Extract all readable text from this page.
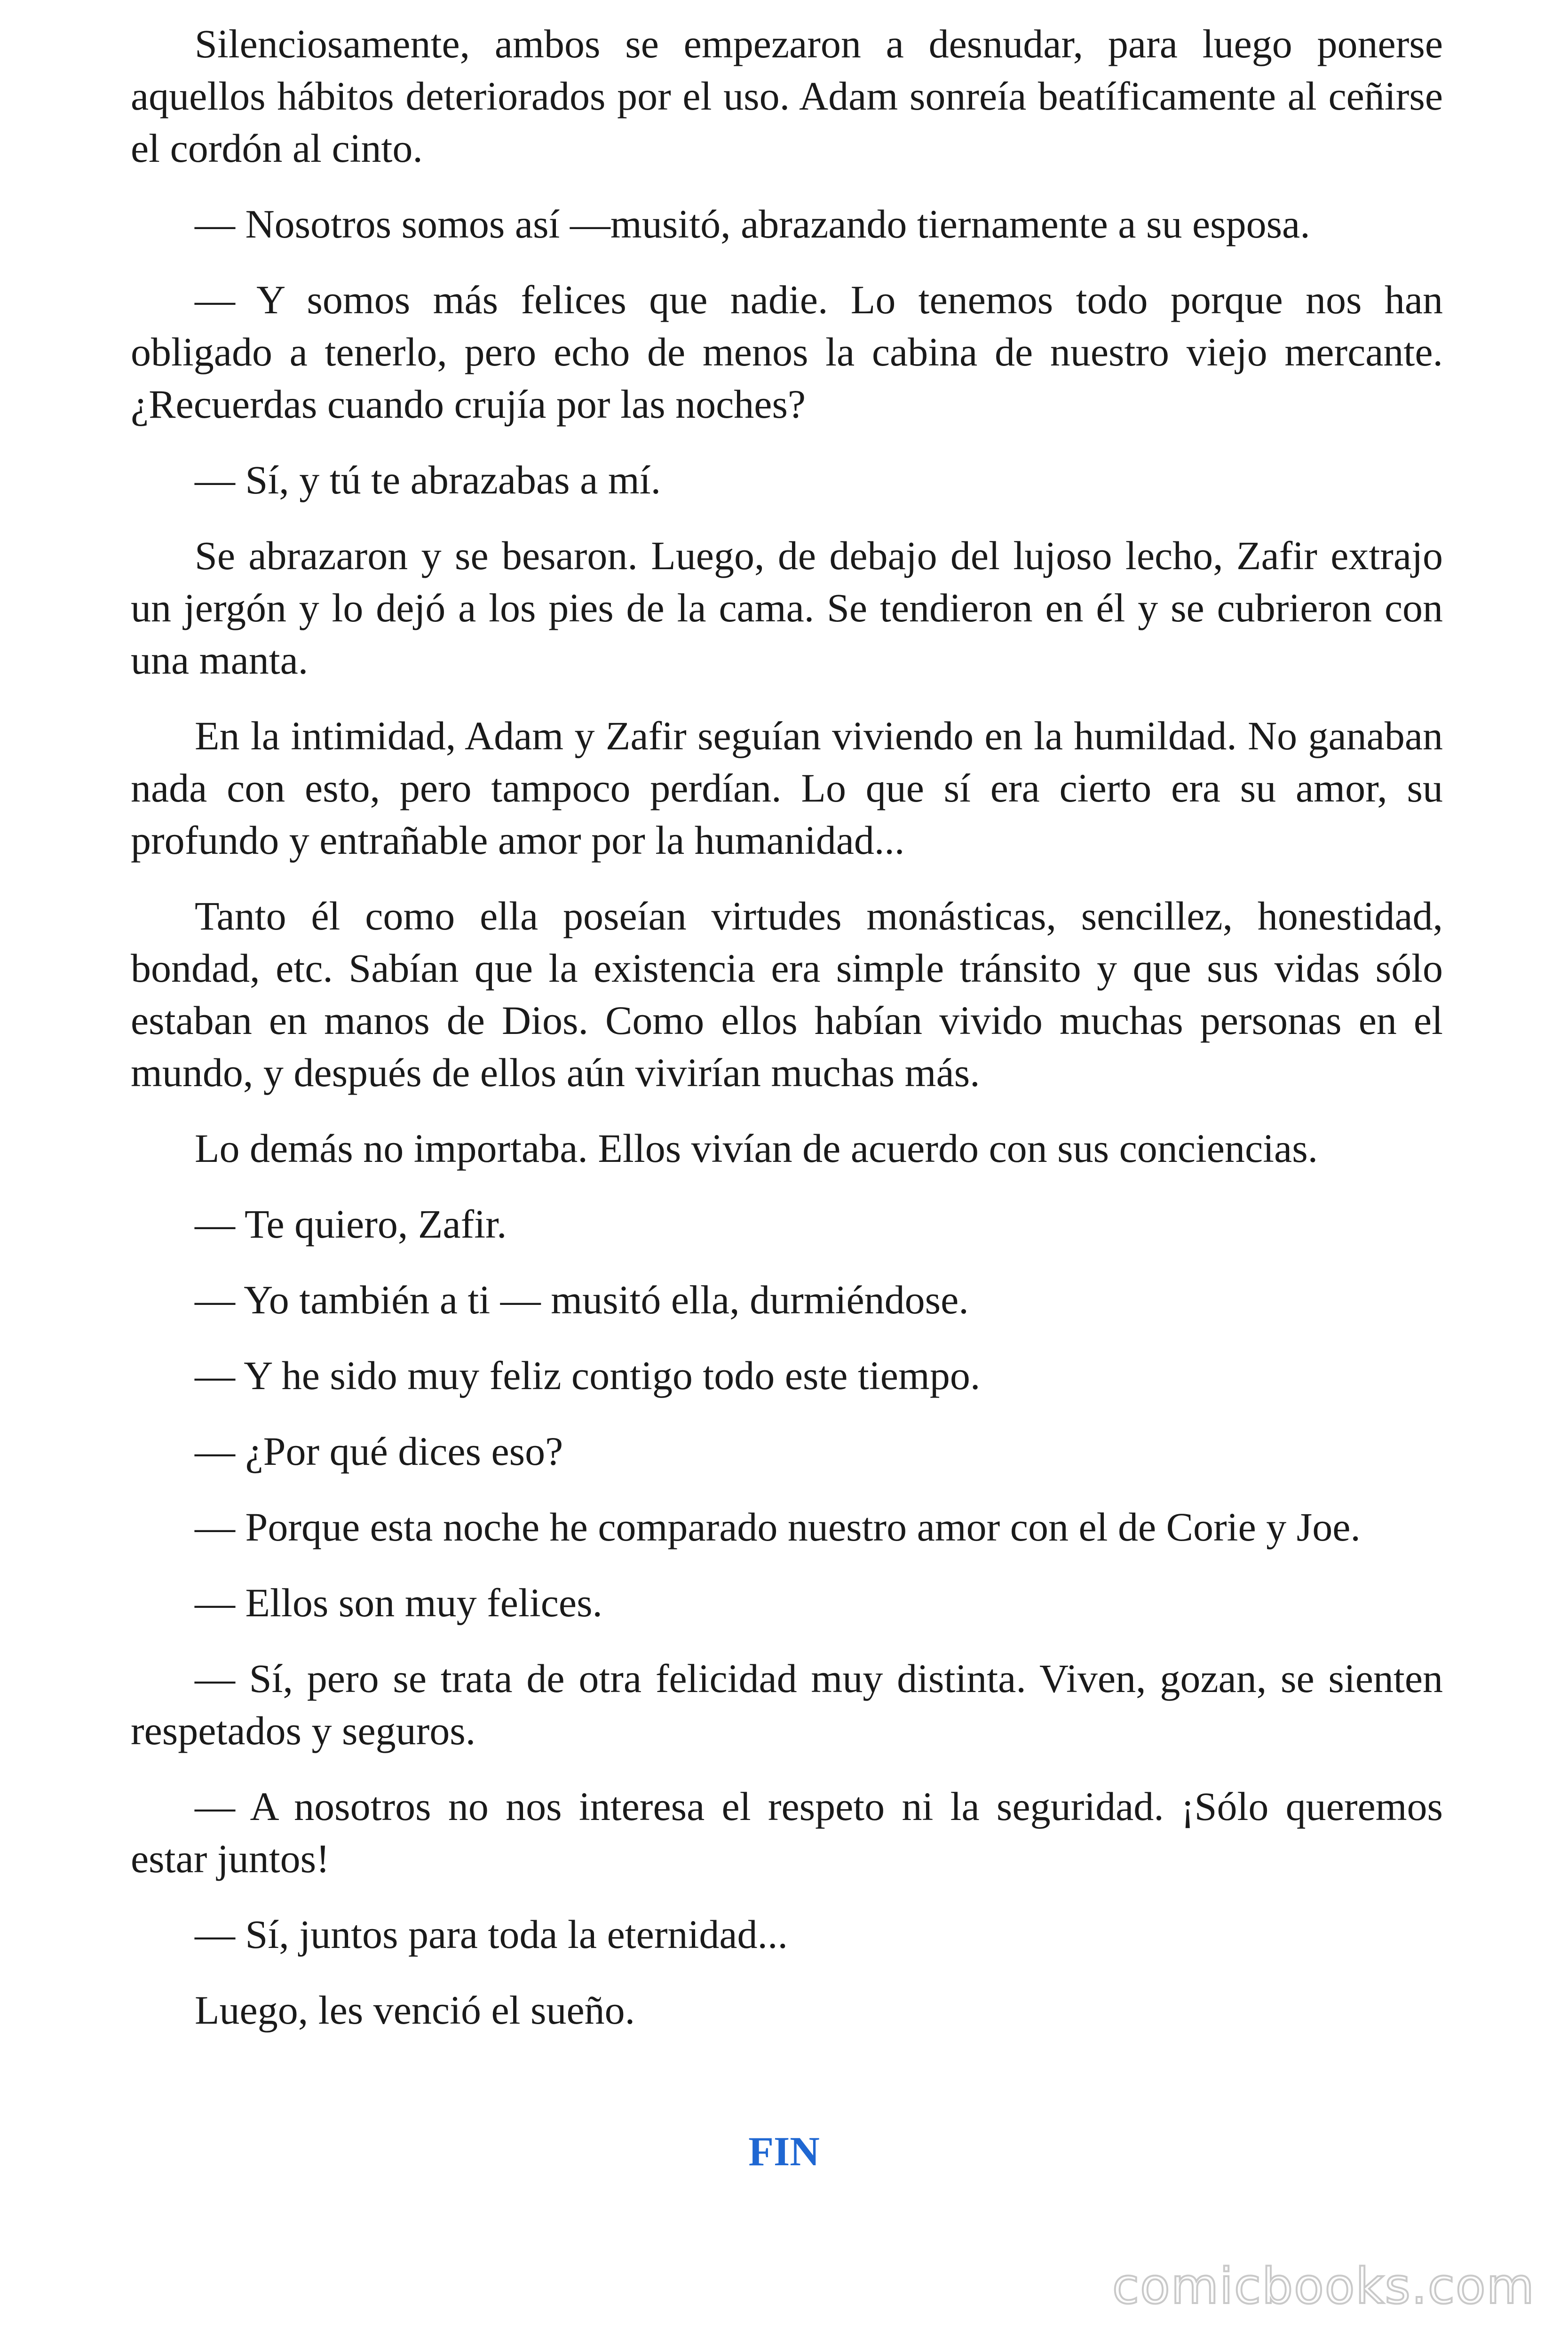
Silenciosamente, ambos se empezaron a desnudar, para luego ponerse aquellos hábitos deteriorados por el uso. Adam sonreía beatíficamente al ceñirse el cordón al cinto.

— Nosotros somos así —musitó, abrazando tiernamente a su esposa.

— Y somos más felices que nadie. Lo tenemos todo porque nos han obligado a tenerlo, pero echo de menos la cabina de nuestro viejo mercante. ¿Recuerdas cuando crujía por las noches?

— Sí, y tú te abrazabas a mí.

Se abrazaron y se besaron. Luego, de debajo del lujoso lecho, Zafir extrajo un jergón y lo dejó a los pies de la cama. Se tendieron en él y se cubrieron con una manta.

En la intimidad, Adam y Zafir seguían viviendo en la humildad. No ganaban nada con esto, pero tampoco perdían. Lo que sí era cierto era su amor, su profundo y entrañable amor por la humanidad...

Tanto él como ella poseían virtudes monásticas, sencillez, honestidad, bondad, etc. Sabían que la existencia era simple tránsito y que sus vidas sólo estaban en manos de Dios. Como ellos habían vivido muchas personas en el mundo, y después de ellos aún vivirían muchas más.

Lo demás no importaba. Ellos vivían de acuerdo con sus conciencias.

— Te quiero, Zafir.

— Yo también a ti — musitó ella, durmiéndose.

— Y he sido muy feliz contigo todo este tiempo.

— ¿Por qué dices eso?

— Porque esta noche he comparado nuestro amor con el de Corie y Joe.

— Ellos son muy felices.

— Sí, pero se trata de otra felicidad muy distinta. Viven, gozan, se sienten respetados y seguros.

— A nosotros no nos interesa el respeto ni la seguridad. ¡Sólo queremos estar juntos!

— Sí, juntos para toda la eternidad...

Luego, les venció el sueño.

FIN
comicbooks.com
